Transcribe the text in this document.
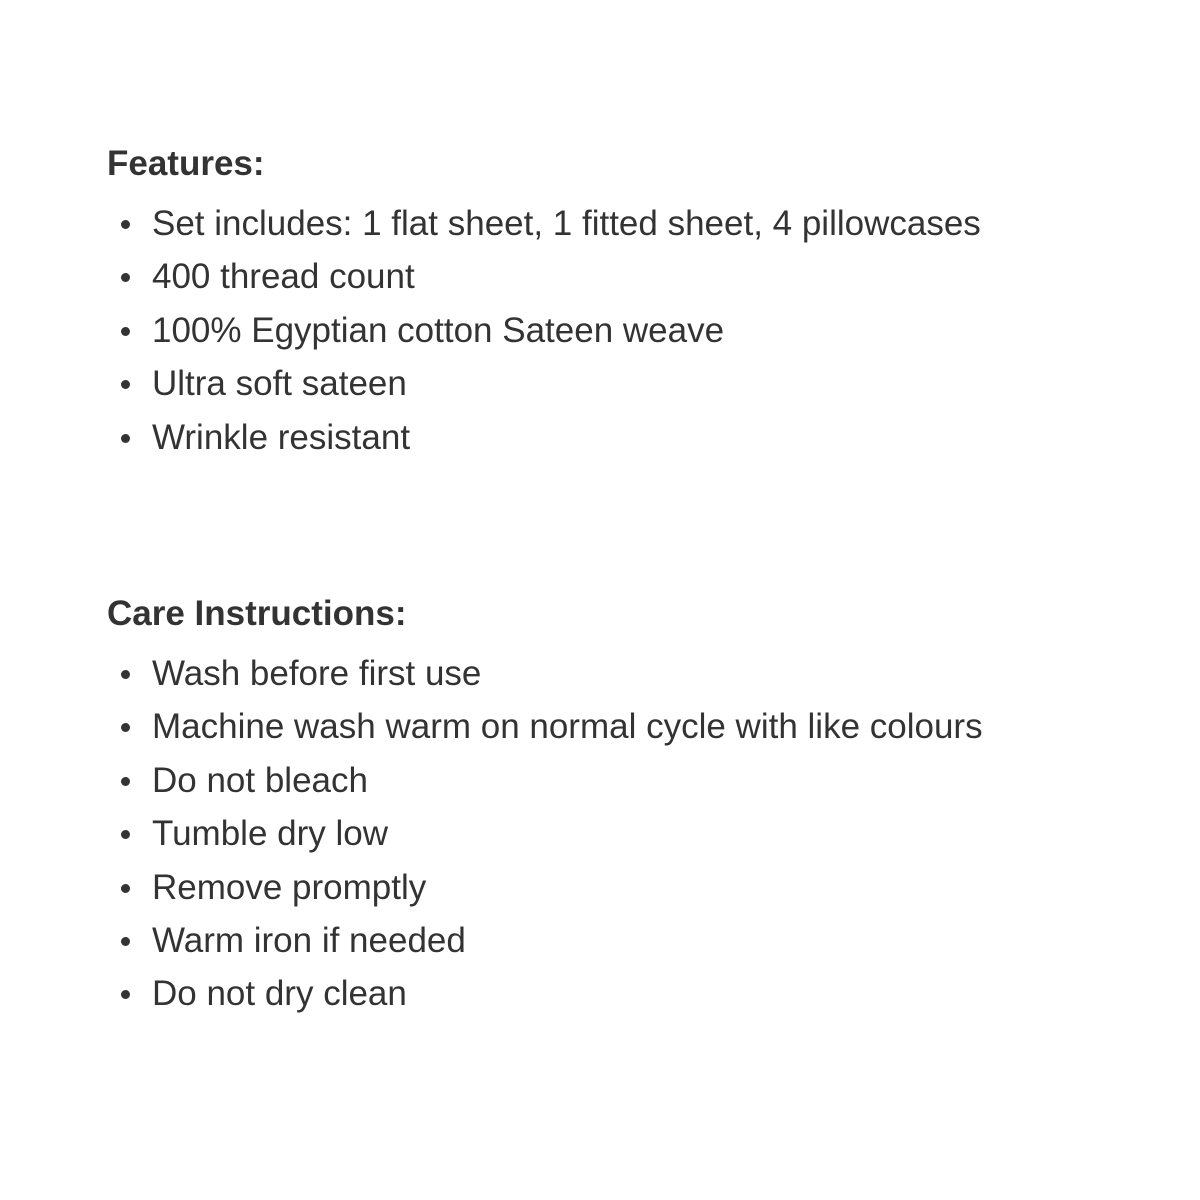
Features:
Set includes: 1 flat sheet, 1 fitted sheet, 4 pillowcases
400 thread count
100% Egyptian cotton Sateen weave
Ultra soft sateen
Wrinkle resistant
Care Instructions:
Wash before first use
Machine wash warm on normal cycle with like colours
Do not bleach
Tumble dry low
Remove promptly
Warm iron if needed
Do not dry clean
